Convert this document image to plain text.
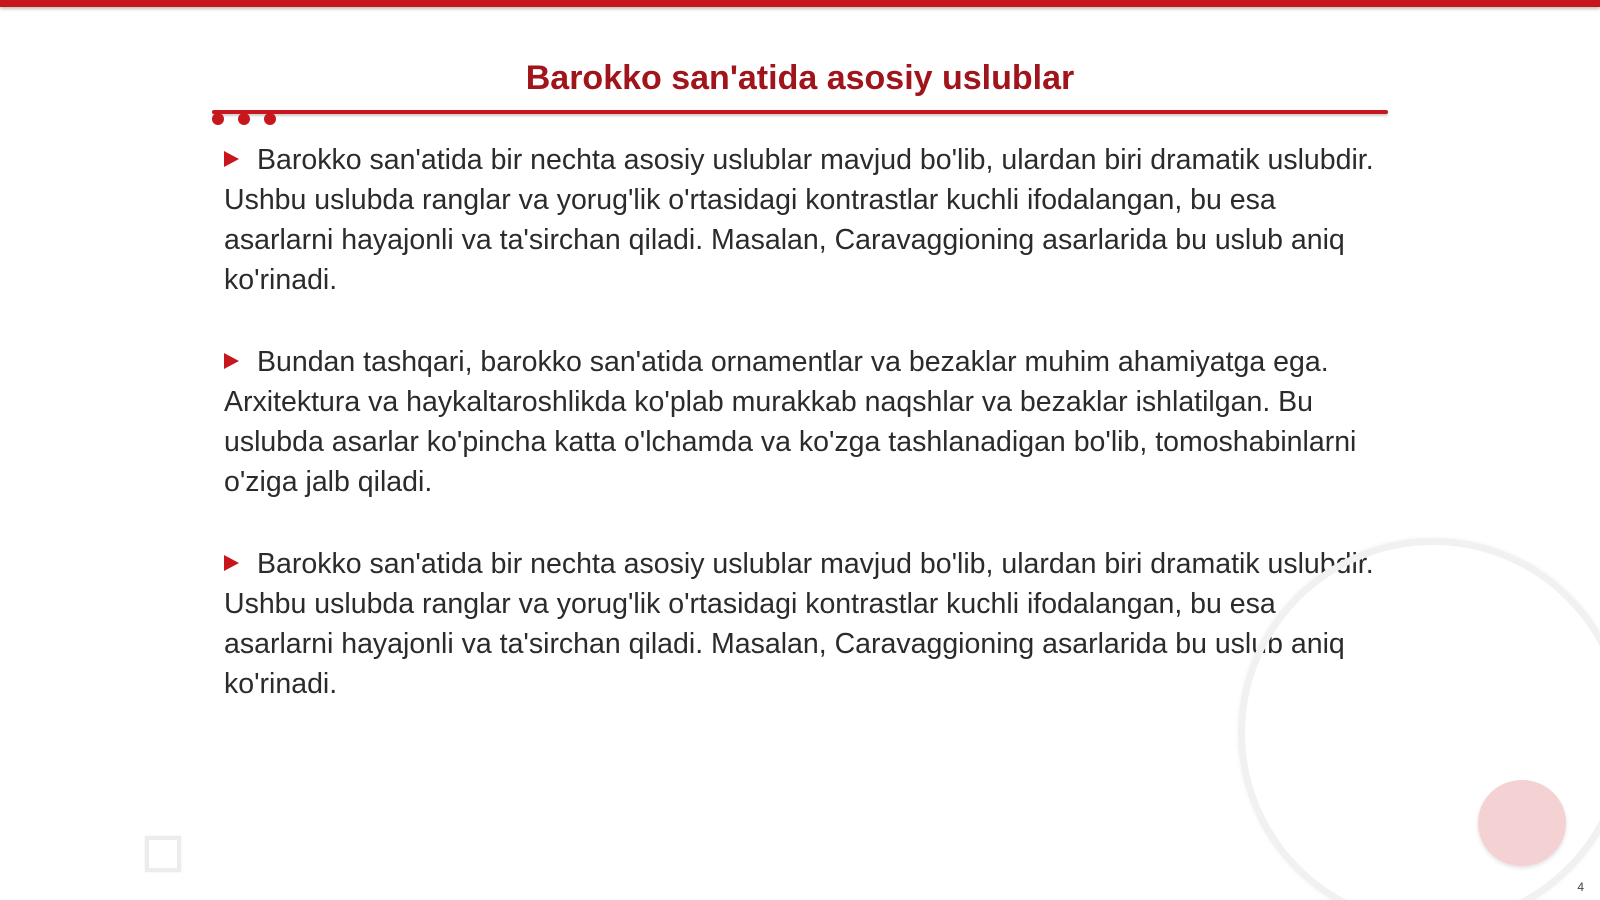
Barokko san'atida asosiy uslublar
Barokko san'atida bir nechta asosiy uslublar mavjud bo'lib, ulardan biri dramatik uslubdir. Ushbu uslubda ranglar va yorug'lik o'rtasidagi kontrastlar kuchli ifodalangan, bu esa asarlarni hayajonli va ta'sirchan qiladi. Masalan, Caravaggioning asarlarida bu uslub aniq ko'rinadi.
Bundan tashqari, barokko san'atida ornamentlar va bezaklar muhim ahamiyatga ega. Arxitektura va haykaltaroshlikda ko'plab murakkab naqshlar va bezaklar ishlatilgan. Bu uslubda asarlar ko'pincha katta o'lchamda va ko'zga tashlanadigan bo'lib, tomoshabinlarni o'ziga jalb qiladi.
Barokko san'atida bir nechta asosiy uslublar mavjud bo'lib, ulardan biri dramatik uslubdir. Ushbu uslubda ranglar va yorug'lik o'rtasidagi kontrastlar kuchli ifodalangan, bu esa asarlarni hayajonli va ta'sirchan qiladi. Masalan, Caravaggioning asarlarida bu uslub aniq ko'rinadi.
4
